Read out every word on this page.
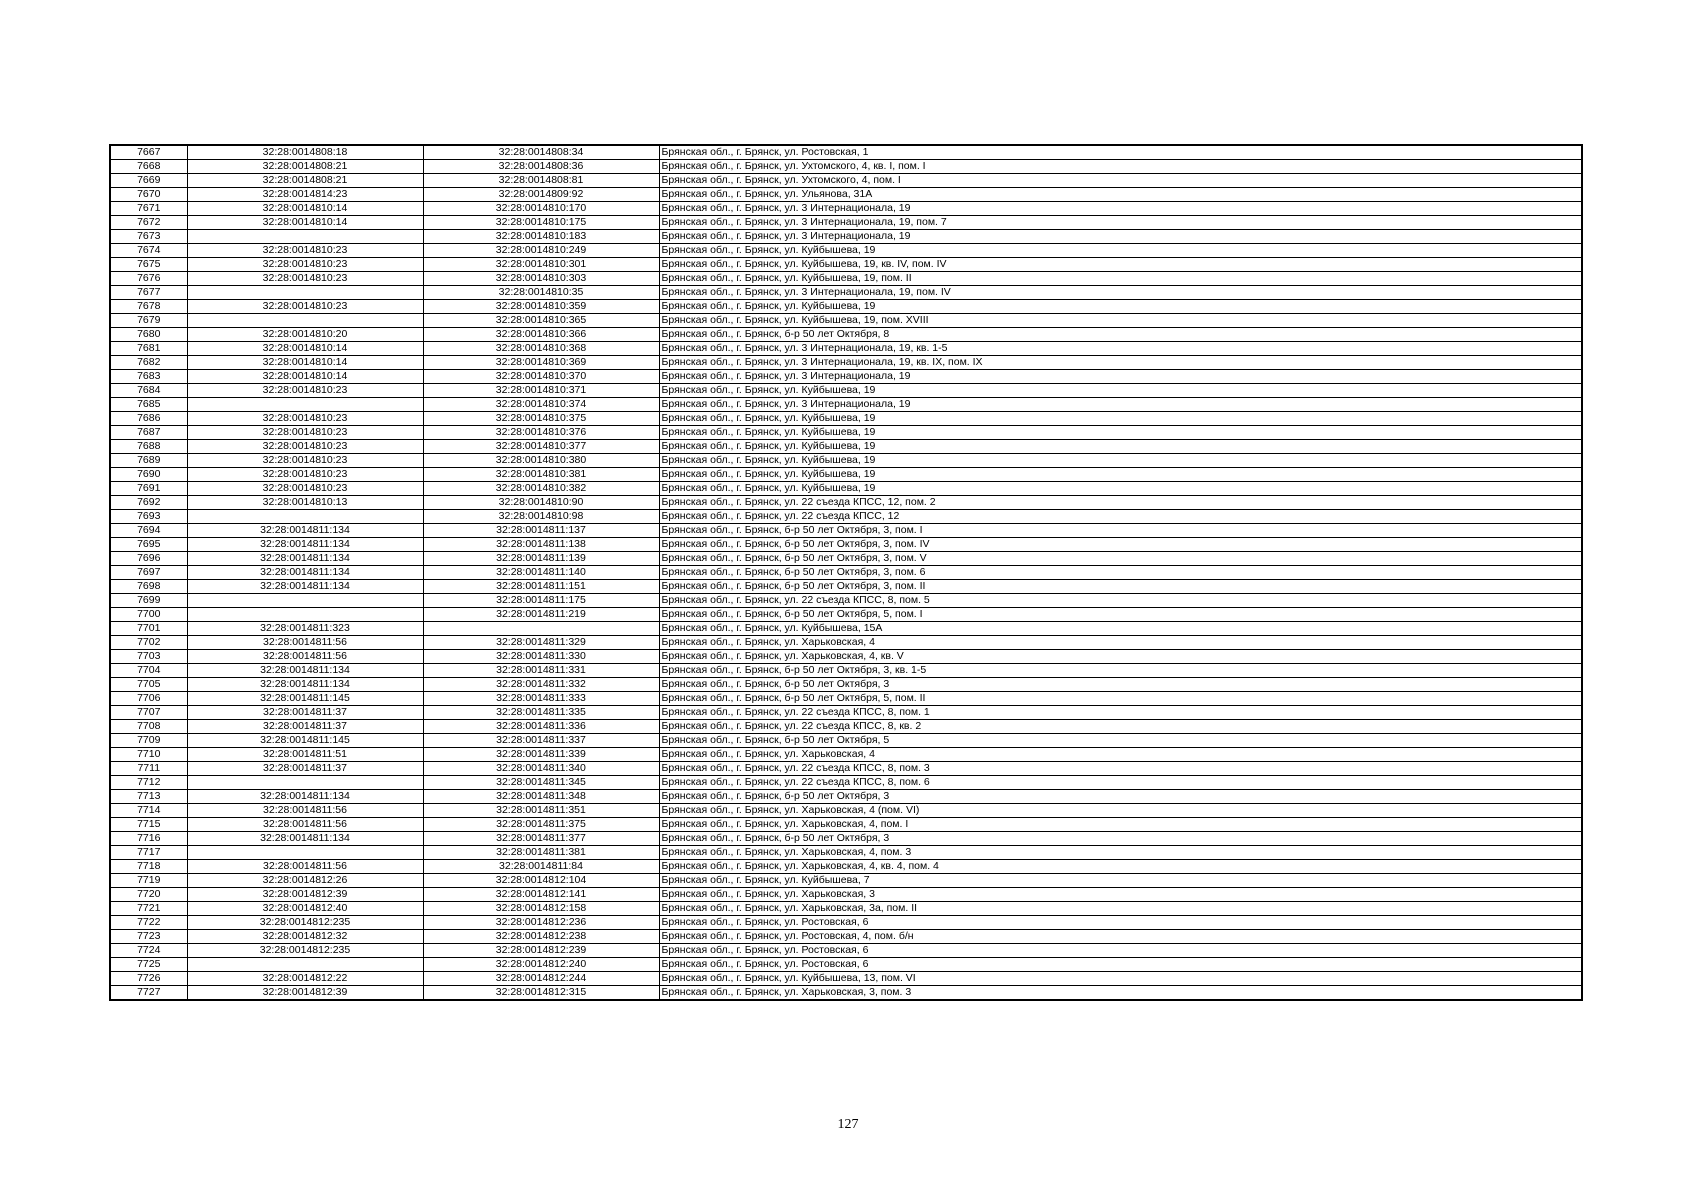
7667	32:28:0014808:18	32:28:0014808:34	Брянская обл., г. Брянск, ул. Ростовская, 1
7668	32:28:0014808:21	32:28:0014808:36	Брянская обл., г. Брянск, ул. Ухтомского, 4, кв. I, пом. I
7669	32:28:0014808:21	32:28:0014808:81	Брянская обл., г. Брянск, ул. Ухтомского, 4, пом. I
7670	32:28:0014814:23	32:28:0014809:92	Брянская обл., г. Брянск, ул. Ульянова, 31А
7671	32:28:0014810:14	32:28:0014810:170	Брянская обл., г. Брянск, ул. 3 Интернационала, 19
7672	32:28:0014810:14	32:28:0014810:175	Брянская обл., г. Брянск, ул. 3 Интернационала, 19, пом. 7
7673		32:28:0014810:183	Брянская обл., г. Брянск, ул. 3 Интернационала, 19
7674	32:28:0014810:23	32:28:0014810:249	Брянская обл., г. Брянск, ул. Куйбышева, 19
7675	32:28:0014810:23	32:28:0014810:301	Брянская обл., г. Брянск, ул. Куйбышева, 19, кв. IV, пом. IV
7676	32:28:0014810:23	32:28:0014810:303	Брянская обл., г. Брянск, ул. Куйбышева, 19, пом. II
7677		32:28:0014810:35	Брянская обл., г. Брянск, ул. 3 Интернационала, 19, пом. IV
7678	32:28:0014810:23	32:28:0014810:359	Брянская обл., г. Брянск, ул. Куйбышева, 19
7679		32:28:0014810:365	Брянская обл., г. Брянск, ул. Куйбышева, 19, пом. XVIII
7680	32:28:0014810:20	32:28:0014810:366	Брянская обл., г. Брянск, б-р 50 лет Октября, 8
7681	32:28:0014810:14	32:28:0014810:368	Брянская обл., г. Брянск, ул. 3 Интернационала, 19, кв. 1-5
7682	32:28:0014810:14	32:28:0014810:369	Брянская обл., г. Брянск, ул. 3 Интернационала, 19, кв. IX, пом. IX
7683	32:28:0014810:14	32:28:0014810:370	Брянская обл., г. Брянск, ул. 3 Интернационала, 19
7684	32:28:0014810:23	32:28:0014810:371	Брянская обл., г. Брянск, ул. Куйбышева, 19
7685		32:28:0014810:374	Брянская обл., г. Брянск, ул. 3 Интернационала, 19
7686	32:28:0014810:23	32:28:0014810:375	Брянская обл., г. Брянск, ул. Куйбышева, 19
7687	32:28:0014810:23	32:28:0014810:376	Брянская обл., г. Брянск, ул. Куйбышева, 19
7688	32:28:0014810:23	32:28:0014810:377	Брянская обл., г. Брянск, ул. Куйбышева, 19
7689	32:28:0014810:23	32:28:0014810:380	Брянская обл., г. Брянск, ул. Куйбышева, 19
7690	32:28:0014810:23	32:28:0014810:381	Брянская обл., г. Брянск, ул. Куйбышева, 19
7691	32:28:0014810:23	32:28:0014810:382	Брянская обл., г. Брянск, ул. Куйбышева, 19
7692	32:28:0014810:13	32:28:0014810:90	Брянская обл., г. Брянск, ул. 22 съезда КПСС, 12, пом. 2
7693		32:28:0014810:98	Брянская обл., г. Брянск, ул. 22 съезда КПСС, 12
7694	32:28:0014811:134	32:28:0014811:137	Брянская обл., г. Брянск, б-р 50 лет Октября, 3, пом. I
7695	32:28:0014811:134	32:28:0014811:138	Брянская обл., г. Брянск, б-р 50 лет Октября, 3, пом. IV
7696	32:28:0014811:134	32:28:0014811:139	Брянская обл., г. Брянск, б-р 50 лет Октября, 3, пом. V
7697	32:28:0014811:134	32:28:0014811:140	Брянская обл., г. Брянск, б-р 50 лет Октября, 3, пом. 6
7698	32:28:0014811:134	32:28:0014811:151	Брянская обл., г. Брянск, б-р 50 лет Октября, 3, пом. II
7699		32:28:0014811:175	Брянская обл., г. Брянск, ул. 22 съезда КПСС, 8, пом. 5
7700		32:28:0014811:219	Брянская обл., г. Брянск, б-р 50 лет Октября, 5, пом. I
7701	32:28:0014811:323		Брянская обл., г. Брянск, ул. Куйбышева, 15А
7702	32:28:0014811:56	32:28:0014811:329	Брянская обл., г. Брянск, ул. Харьковская, 4
7703	32:28:0014811:56	32:28:0014811:330	Брянская обл., г. Брянск, ул. Харьковская, 4, кв. V
7704	32:28:0014811:134	32:28:0014811:331	Брянская обл., г. Брянск, б-р 50 лет Октября, 3, кв. 1-5
7705	32:28:0014811:134	32:28:0014811:332	Брянская обл., г. Брянск, б-р 50 лет Октября, 3
7706	32:28:0014811:145	32:28:0014811:333	Брянская обл., г. Брянск, б-р 50 лет Октября, 5, пом. II
7707	32:28:0014811:37	32:28:0014811:335	Брянская обл., г. Брянск, ул. 22 съезда КПСС, 8, пом. 1
7708	32:28:0014811:37	32:28:0014811:336	Брянская обл., г. Брянск, ул. 22 съезда КПСС, 8, кв. 2
7709	32:28:0014811:145	32:28:0014811:337	Брянская обл., г. Брянск, б-р 50 лет Октября, 5
7710	32:28:0014811:51	32:28:0014811:339	Брянская обл., г. Брянск, ул. Харьковская, 4
7711	32:28:0014811:37	32:28:0014811:340	Брянская обл., г. Брянск, ул. 22 съезда КПСС, 8, пом. 3
7712		32:28:0014811:345	Брянская обл., г. Брянск, ул. 22 съезда КПСС, 8, пом. 6
7713	32:28:0014811:134	32:28:0014811:348	Брянская обл., г. Брянск, б-р 50 лет Октября, 3
7714	32:28:0014811:56	32:28:0014811:351	Брянская обл., г. Брянск, ул. Харьковская, 4 (пом. VI)
7715	32:28:0014811:56	32:28:0014811:375	Брянская обл., г. Брянск, ул. Харьковская, 4, пом. I
7716	32:28:0014811:134	32:28:0014811:377	Брянская обл., г. Брянск, б-р 50 лет Октября, 3
7717		32:28:0014811:381	Брянская обл., г. Брянск, ул. Харьковская, 4, пом. 3
7718	32:28:0014811:56	32:28:0014811:84	Брянская обл., г. Брянск, ул. Харьковская, 4, кв. 4, пом. 4
7719	32:28:0014812:26	32:28:0014812:104	Брянская обл., г. Брянск, ул. Куйбышева, 7
7720	32:28:0014812:39	32:28:0014812:141	Брянская обл., г. Брянск, ул. Харьковская, 3
7721	32:28:0014812:40	32:28:0014812:158	Брянская обл., г. Брянск, ул. Харьковская, 3а, пом. II
7722	32:28:0014812:235	32:28:0014812:236	Брянская обл., г. Брянск, ул. Ростовская, 6
7723	32:28:0014812:32	32:28:0014812:238	Брянская обл., г. Брянск, ул. Ростовская, 4, пом. б/н
7724	32:28:0014812:235	32:28:0014812:239	Брянская обл., г. Брянск, ул. Ростовская, 6
7725		32:28:0014812:240	Брянская обл., г. Брянск, ул. Ростовская, 6
7726	32:28:0014812:22	32:28:0014812:244	Брянская обл., г. Брянск, ул. Куйбышева, 13, пом. VI
7727	32:28:0014812:39	32:28:0014812:315	Брянская обл., г. Брянск, ул. Харьковская, 3, пом. 3
127
